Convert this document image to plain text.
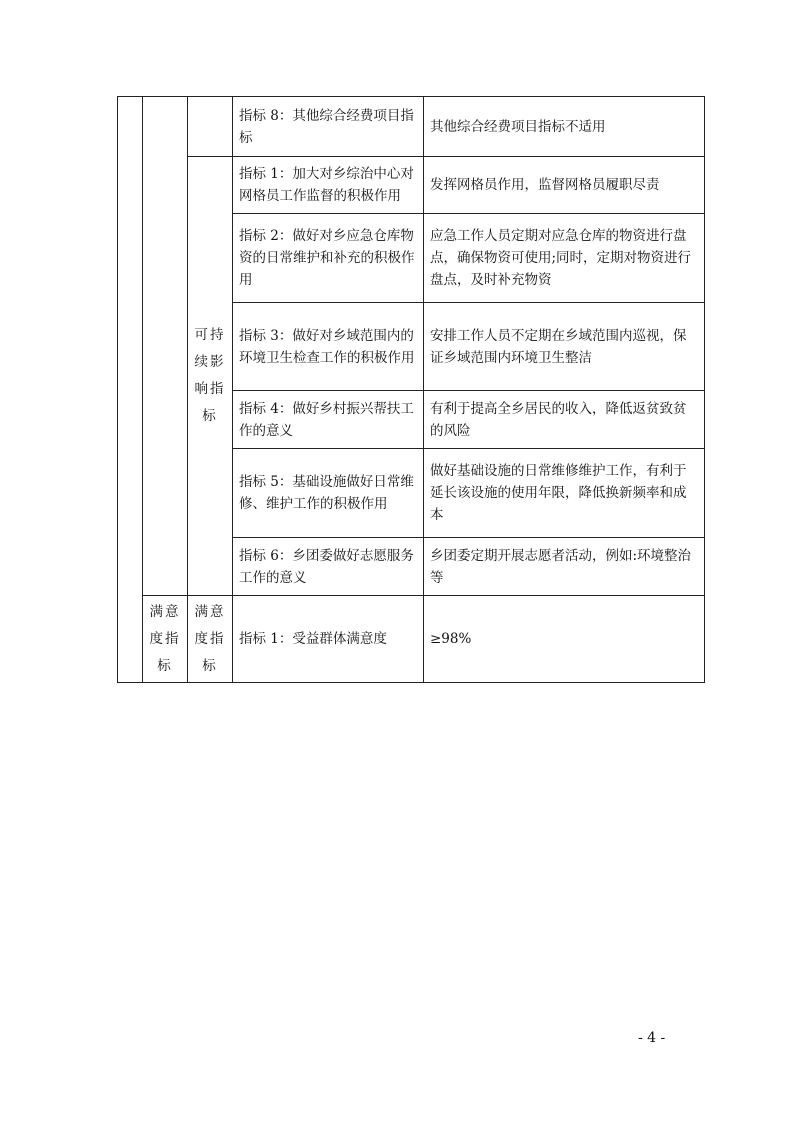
			指标 8：其他综合经费项目指标	其他综合经费项目指标不适用

		可持续影响指标	指标 1：加大对乡综治中心对网格员工作监督的积极作用	发挥网格员作用，监督网格员履职尽责
			指标 2：做好对乡应急仓库物资的日常维护和补充的积极作用	应急工作人员定期对应急仓库的物资进行盘点，确保物资可使用;同时，定期对物资进行盘点，及时补充物资
			指标 3：做好对乡域范围内的环境卫生检查工作的积极作用	安排工作人员不定期在乡域范围内巡视，保证乡域范围内环境卫生整洁
			指标 4：做好乡村振兴帮扶工作的意义	有利于提高全乡居民的收入，降低返贫致贫的风险
			指标 5：基础设施做好日常维修、维护工作的积极作用	做好基础设施的日常维修维护工作，有利于延长该设施的使用年限，降低换新频率和成本
			指标 6：乡团委做好志愿服务工作的意义	乡团委定期开展志愿者活动，例如:环境整治等

	满意度指标	满意度指标	指标 1：受益群体满意度	≥98%
- 4 -
